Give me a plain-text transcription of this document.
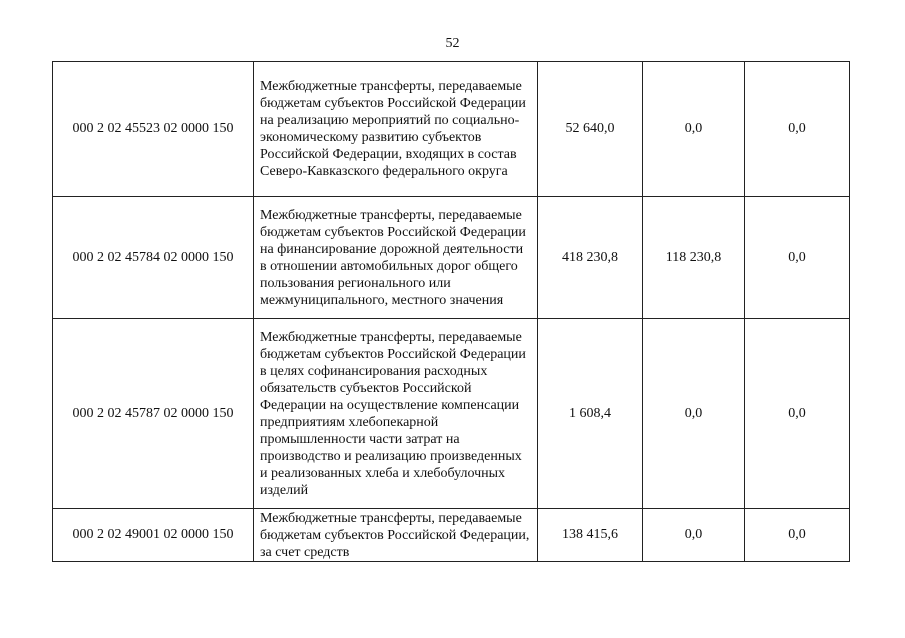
52
000 2 02 45523 02 0000 150	Межбюджетные трансферты, передаваемые бюджетам субъектов Российской Федерации на реализацию мероприятий по социально-экономическому развитию субъектов Российской Федерации, входящих в состав Северо-Кавказского федерального округа	52 640,0	0,0	0,0
000 2 02 45784 02 0000 150	Межбюджетные трансферты, передаваемые бюджетам субъектов Российской Федерации на финансирование дорожной деятельности в отношении автомобильных дорог общего пользования регионального или межмуниципального, местного значения	418 230,8	118 230,8	0,0
000 2 02 45787 02 0000 150	Межбюджетные трансферты, передаваемые бюджетам субъектов Российской Федерации в целях софинансирования расходных обязательств субъектов Российской Федерации на осуществление компенсации предприятиям хлебопекарной промышленности части затрат на производство и реализацию произведенных и реализованных хлеба и хлебобулочных изделий	1 608,4	0,0	0,0
000 2 02 49001 02 0000 150	Межбюджетные трансферты, передаваемые бюджетам субъектов Российской Федерации, за счет средств	138 415,6	0,0	0,0
